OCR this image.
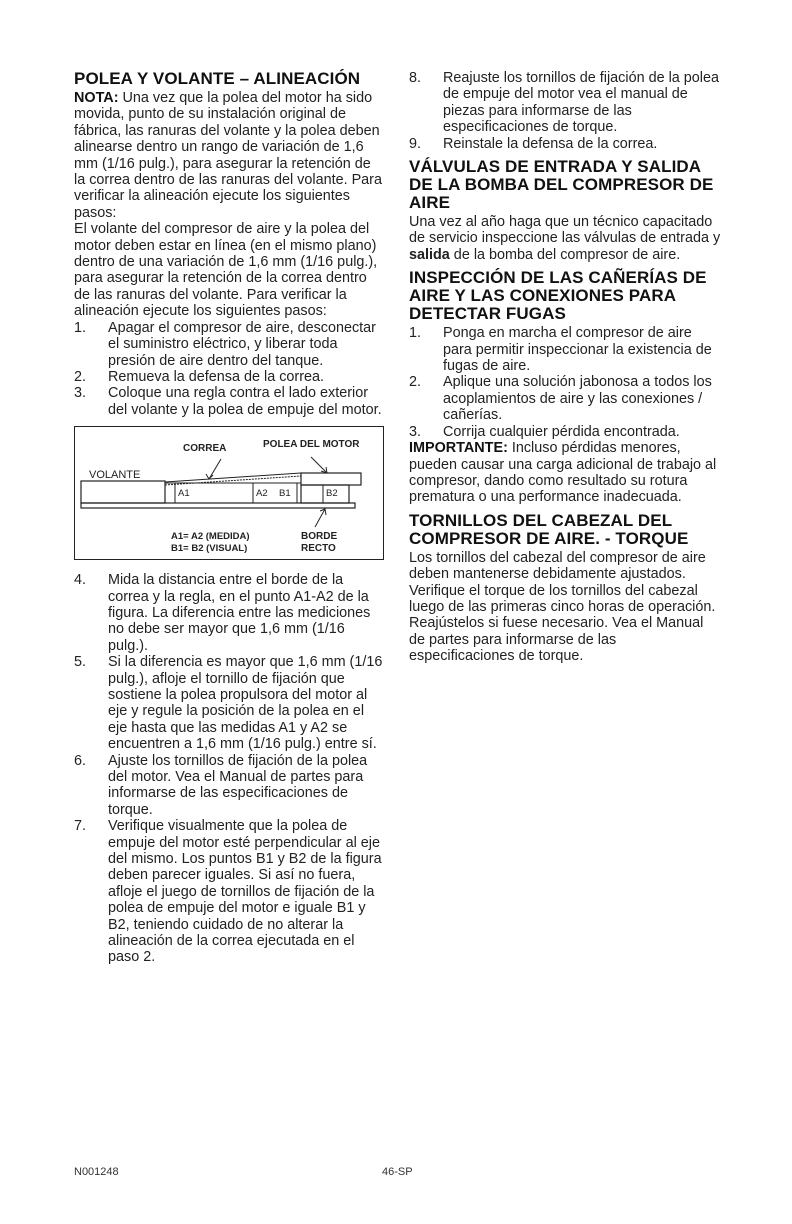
POLEA Y VOLANTE – ALINEACIÓN

NOTA: Una vez que la polea del motor ha sido movida, punto de su instalación original de fábrica, las ranuras del volante y la polea deben alinearse dentro un rango de variación de 1,6 mm (1/16 pulg.), para asegurar la retención de la correa dentro de las ranuras del volante. Para verificar la alineación ejecute los siguientes pasos:

El volante del compresor de aire y la polea del motor deben estar en línea (en el mismo plano) dentro de una variación de 1,6 mm (1/16 pulg.), para asegurar la retención de la correa dentro de las ranuras del volante. Para verificar la alineación ejecute los siguientes pasos:

1. Apagar el compresor de aire, desconectar el suministro eléctrico, y liberar toda presión de aire dentro del tanque.
2. Remueva la defensa de la correa.
3. Coloque una regla contra el lado exterior del volante y la polea de empuje del motor.
CORREA	POLEA DEL MOTOR
VOLANTE
A1	A2 B1	B2
A1= A2 (MEDIDA)
B1= B2 (VISUAL)
BORDE
RECTO
4. Mida la distancia entre el borde de la correa y la regla, en el punto A1-A2 de la figura. La diferencia entre las mediciones no debe ser mayor que 1,6 mm (1/16 pulg.).
5. Si la diferencia es mayor que 1,6 mm (1/16 pulg.), afloje el tornillo de fijación que sostiene la polea propulsora del motor al eje y regule la posición de la polea en el eje hasta que las medidas A1 y A2 se encuentren a 1,6 mm (1/16 pulg.) entre sí.
6. Ajuste los tornillos de fijación de la polea del motor. Vea el Manual de partes para informarse de las especificaciones de torque.
7. Verifique visualmente que la polea de empuje del motor esté perpendicular al eje del mismo. Los puntos B1 y B2 de la figura deben parecer iguales. Si así no fuera, afloje el juego de tornillos de fijación de la polea de empuje del motor e iguale B1 y B2, teniendo cuidado de no alterar la alineación de la correa ejecutada en el paso 2.
8. Reajuste los tornillos de fijación de la polea de empuje del motor vea el manual de piezas para informarse de las especificaciones de torque.
9. Reinstale la defensa de la correa.
VÁLVULAS DE ENTRADA Y SALIDA DE LA BOMBA DEL COMPRESOR DE AIRE

Una vez al año haga que un técnico capacitado de servicio inspeccione las válvulas de entrada y salida de la bomba del compresor de aire.

INSPECCIÓN DE LAS CAÑERÍAS DE AIRE Y LAS CONEXIONES PARA DETECTAR FUGAS
1. Ponga en marcha el compresor de aire para permitir inspeccionar la existencia de fugas de aire.
2. Aplique una solución jabonosa a todos los acoplamientos de aire y las conexiones / cañerías.
3. Corrija cualquier pérdida encontrada.

IMPORTANTE: Incluso pérdidas menores, pueden causar una carga adicional de trabajo al compresor, dando como resultado su rotura prematura o una performance inadecuada.

TORNILLOS DEL CABEZAL DEL COMPRESOR DE AIRE. - TORQUE

Los tornillos del cabezal del compresor de aire deben mantenerse debidamente ajustados. Verifique el torque de los tornillos del cabezal luego de las primeras cinco horas de operación. Reajústelos si fuese necesario. Vea el Manual de partes para informarse de las especificaciones de torque.

N001248	46-SP
